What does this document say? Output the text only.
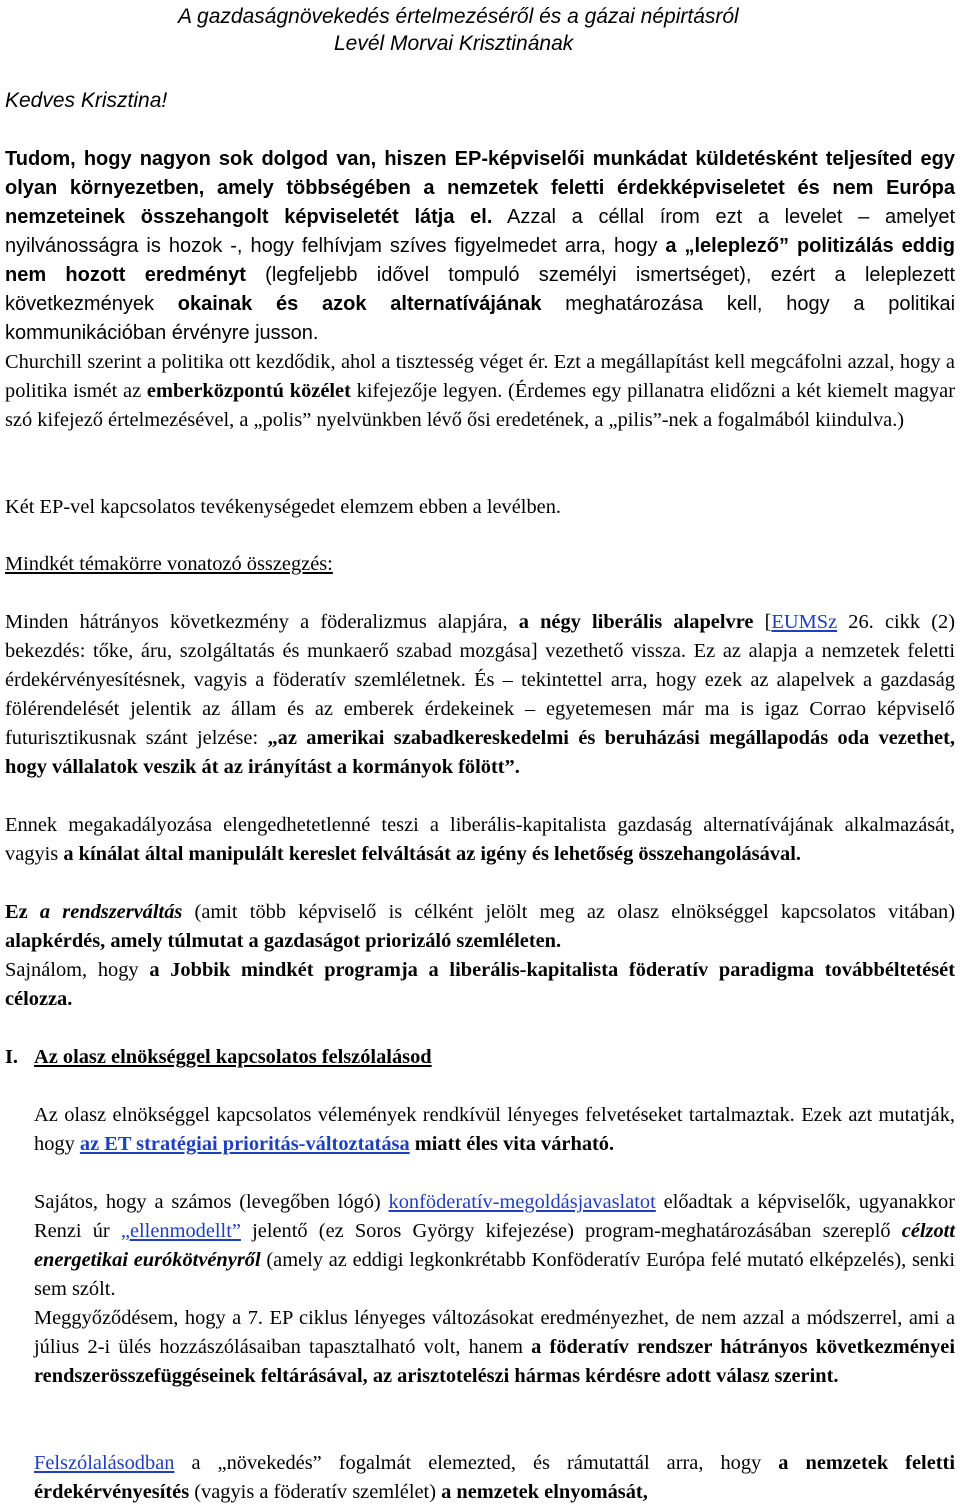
A gazdaságnövekedés értelmezéséről és a gázai népirtásról
Levél Morvai Krisztinának
Kedves Krisztina!
Tudom, hogy nagyon sok dolgod van, hiszen EP-képviselői munkádat küldetésként teljesíted egy olyan környezetben, amely többségében a nemzetek feletti érdekképviseletet és nem Európa nemzeteinek összehangolt képviseletét látja el. Azzal a céllal írom ezt a levelet – amelyet nyilvánosságra is hozok -, hogy felhívjam szíves figyelmedet arra, hogy a „leleplező” politizálás eddig nem hozott eredményt (legfeljebb idővel tompuló személyi ismertséget), ezért a leleplezett következmények okainak és azok alternatívájának meghatározása kell, hogy a politikai kommunikációban érvényre jusson.
Churchill szerint a politika ott kezdődik, ahol a tisztesség véget ér. Ezt a megállapítást kell megcáfolni azzal, hogy a politika ismét az emberközpontú közélet kifejezője legyen. (Érdemes egy pillanatra elidőzni a két kiemelt magyar szó kifejező értelmezésével, a „polis” nyelvünkben lévő ősi eredetének, a „pilis”-nek a fogalmából kiindulva.)
Két EP-vel kapcsolatos tevékenységedet elemzem ebben a levélben.
Mindkét témakörre vonatozó összegzés:
Minden hátrányos következmény a föderalizmus alapjára, a négy liberális alapelvre [EUMSz 26. cikk (2) bekezdés: tőke, áru, szolgáltatás és munkaerő szabad mozgása] vezethető vissza. Ez az alapja a nemzetek feletti érdekérvényesítésnek, vagyis a föderatív szemléletnek. És – tekintettel arra, hogy ezek az alapelvek a gazdaság fölérendelését jelentik az állam és az emberek érdekeinek – egyetemesen már ma is igaz Corrao képviselő futurisztikusnak szánt jelzése: „az amerikai szabadkereskedelmi és beruházási megállapodás oda vezethet, hogy vállalatok veszik át az irányítást a kormányok fölött”.
Ennek megakadályozása elengedhetetlenné teszi a liberális-kapitalista gazdaság alternatívájának alkalmazását, vagyis a kínálat által manipulált kereslet felváltását az igény és lehetőség összehangolásával.
Ez a rendszerváltás (amit több képviselő is célként jelölt meg az olasz elnökséggel kapcsolatos vitában) alapkérdés, amely túlmutat a gazdaságot priorizáló szemléleten.
Sajnálom, hogy a Jobbik mindkét programja a liberális-kapitalista föderatív paradigma továbbéltetését célozza.
I. Az olasz elnökséggel kapcsolatos felszólalásod
Az olasz elnökséggel kapcsolatos vélemények rendkívül lényeges felvetéseket tartalmaztak. Ezek azt mutatják, hogy az ET stratégiai prioritás-változtatása miatt éles vita várható.
Sajátos, hogy a számos (levegőben lógó) konföderatív-megoldásjavaslatot előadtak a képviselők, ugyanakkor Renzi úr „ellenmodellt” jelentő (ez Soros György kifejezése) program-meghatározásában szereplő célzott energetikai eurókötvényről (amely az eddigi legkonkrétabb Konföderatív Európa felé mutató elképzelés), senki sem szólt.
Meggyőződésem, hogy a 7. EP ciklus lényeges változásokat eredményezhet, de nem azzal a módszerrel, ami a július 2-i ülés hozzászólásaiban tapasztalható volt, hanem a föderatív rendszer hátrányos következményei rendszerösszefüggéseinek feltárásával, az arisztotelészi hármas kérdésre adott válasz szerint.
Felszólalásodban a „növekedés” fogalmát elemezted, és rámutattál arra, hogy a nemzetek feletti érdekérvényesítés (vagyis a föderatív szemlélet) a nemzetek elnyomását,
